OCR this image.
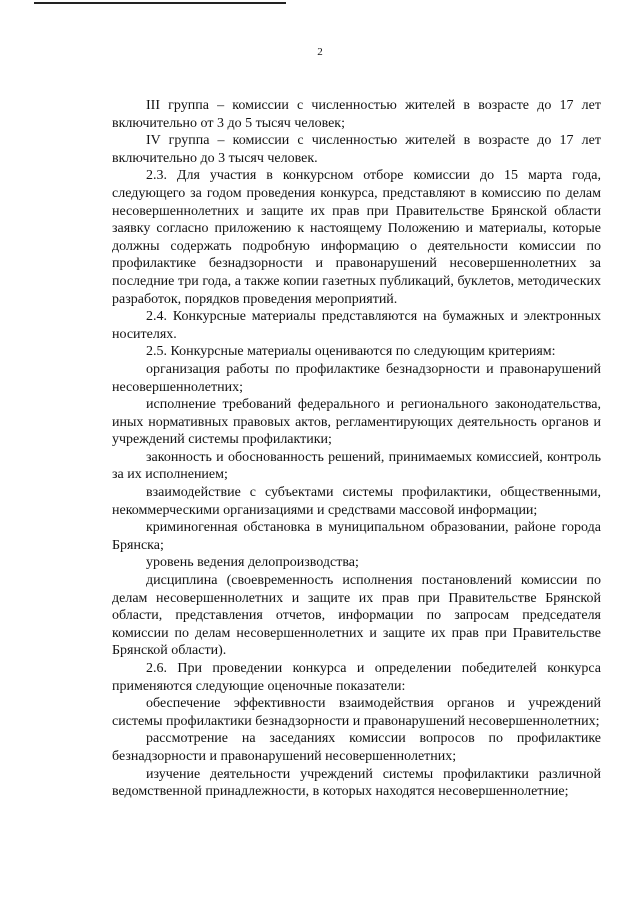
2

III группа – комиссии с численностью жителей в возрасте до 17 лет включительно от 3 до 5 тысяч человек;

IV группа – комиссии с численностью жителей в возрасте до 17 лет включительно до 3 тысяч человек.

2.3. Для участия в конкурсном отборе комиссии до 15 марта года, следующего за годом проведения конкурса, представляют в комиссию по делам несовершеннолетних и защите их прав при Правительстве Брянской области заявку согласно приложению к настоящему Положению и материалы, которые должны содержать подробную информацию о деятельности комиссии по профилактике безнадзорности и правонарушений несовершеннолетних за последние три года, а также копии газетных публикаций, буклетов, методических разработок, порядков проведения мероприятий.

2.4. Конкурсные материалы представляются на бумажных и электронных носителях.

2.5. Конкурсные материалы оцениваются по следующим критериям:

организация работы по профилактике безнадзорности и правонарушений несовершеннолетних;

исполнение требований федерального и регионального законодательства, иных нормативных правовых актов, регламентирующих деятельность органов и учреждений системы профилактики;

законность и обоснованность решений, принимаемых комиссией, контроль за их исполнением;

взаимодействие с субъектами системы профилактики, общественными, некоммерческими организациями и средствами массовой информации;

криминогенная обстановка в муниципальном образовании, районе города Брянска;

уровень ведения делопроизводства;

дисциплина (своевременность исполнения постановлений комиссии по делам несовершеннолетних и защите их прав при Правительстве Брянской области, представления отчетов, информации по запросам председателя комиссии по делам несовершеннолетних и защите их прав при Правительстве Брянской области).

2.6. При проведении конкурса и определении победителей конкурса применяются следующие оценочные показатели:

обеспечение эффективности взаимодействия органов и учреждений системы профилактики безнадзорности и правонарушений несовершеннолетних;

рассмотрение на заседаниях комиссии вопросов по профилактике безнадзорности и правонарушений несовершеннолетних;

изучение деятельности учреждений системы профилактики различной ведомственной принадлежности, в которых находятся несовершеннолетние;
